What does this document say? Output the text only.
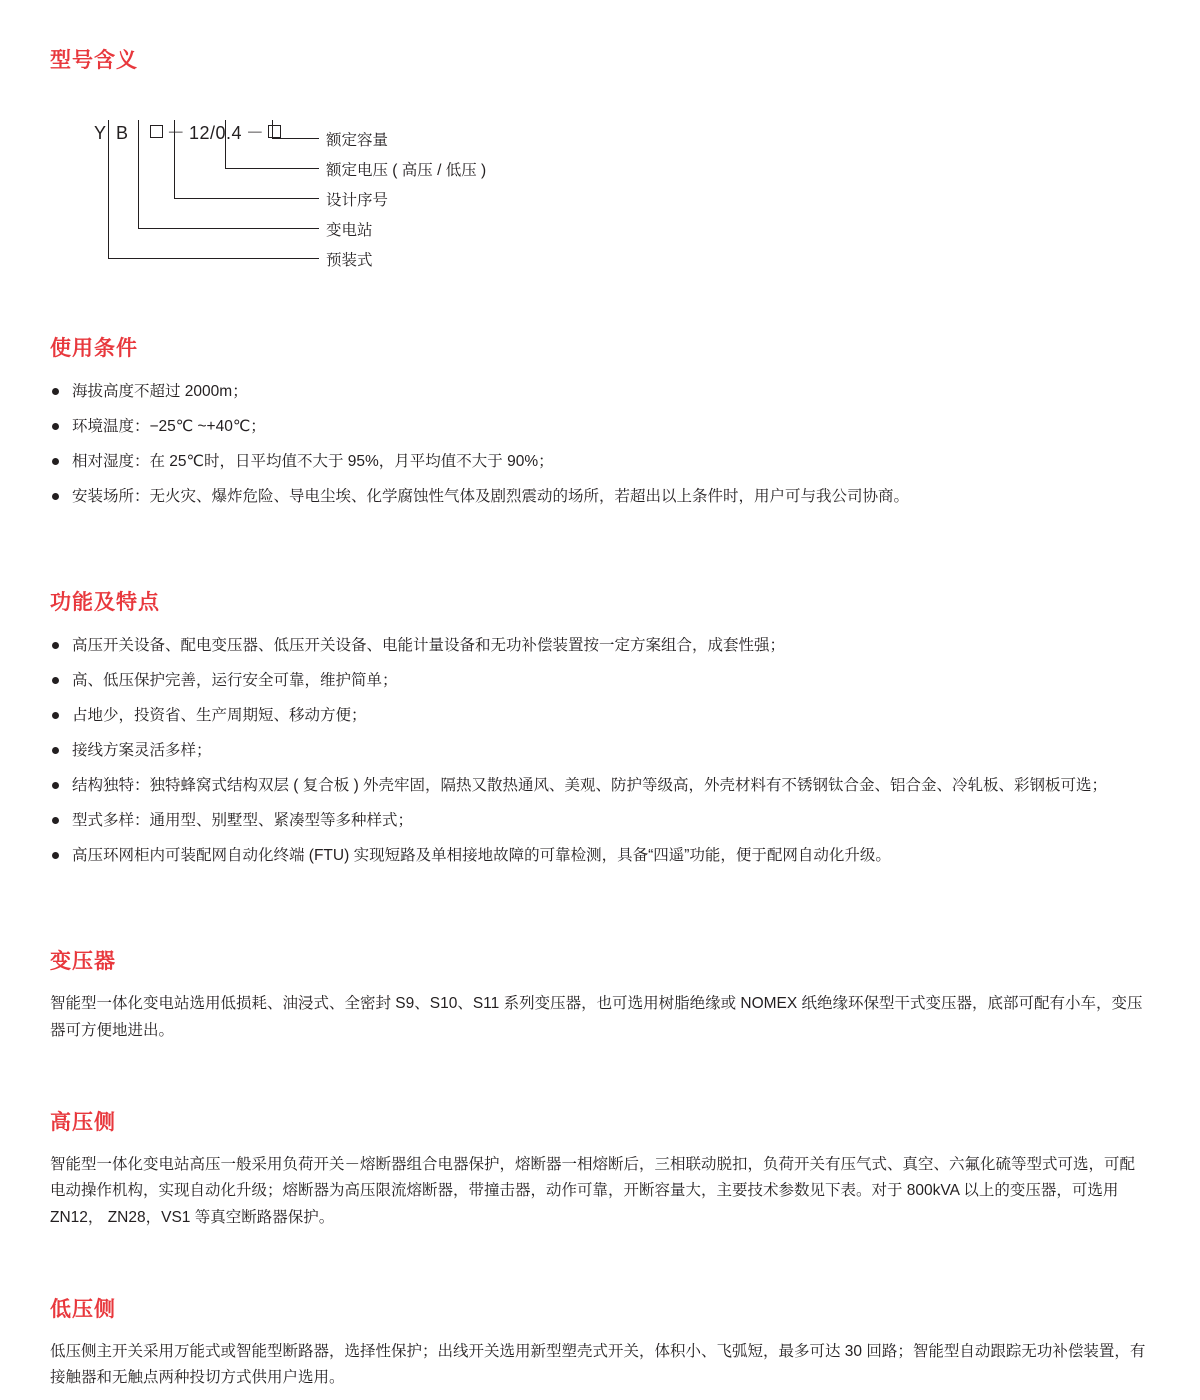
型号含义

Y B － 12/0.4 －
	额定容量
额定电压 ( 高压 / 低压 )
设计序号
变电站
预装式
使用条件
海拔高度不超过 2000m；
环境温度：−25℃ ~+40℃；
相对湿度：在 25℃时，日平均值不大于 95%，月平均值不大于 90%；
安装场所：无火灾、爆炸危险、导电尘埃、化学腐蚀性气体及剧烈震动的场所，若超出以上条件时，用户可与我公司协商。
功能及特点
高压开关设备、配电变压器、低压开关设备、电能计量设备和无功补偿装置按一定方案组合，成套性强；
高、低压保护完善，运行安全可靠，维护简单；
占地少，投资省、生产周期短、移动方便；
接线方案灵活多样；
结构独特：独特蜂窝式结构双层 ( 复合板 ) 外壳牢固，隔热又散热通风、美观、防护等级高，外壳材料有不锈钢钛合金、铝合金、冷轧板、彩钢板可选；
型式多样：通用型、别墅型、紧凑型等多种样式；
高压环网柜内可装配网自动化终端 (FTU) 实现短路及单相接地故障的可靠检测，具备“四遥”功能，便于配网自动化升级。
变压器

智能型一体化变电站选用低损耗、油浸式、全密封 S9、S10、S11 系列变压器，也可选用树脂绝缘或 NOMEX 纸绝缘环保型干式变压器，底部可配有小车，变压器可方便地进出。

高压侧

智能型一体化变电站高压一般采用负荷开关－熔断器组合电器保护，熔断器一相熔断后，三相联动脱扣，负荷开关有压气式、真空、六氟化硫等型式可选，可配电动操作机构，实现自动化升级；熔断器为高压限流熔断器，带撞击器，动作可靠，开断容量大，主要技术参数见下表。对于 800kVA 以上的变压器，可选用 ZN12， ZN28，VS1 等真空断路器保护。

低压侧

低压侧主开关采用万能式或智能型断路器，选择性保护；出线开关选用新型塑壳式开关，体积小、飞弧短，最多可达 30 回路；智能型自动跟踪无功补偿装置，有接触器和无触点两种投切方式供用户选用。
